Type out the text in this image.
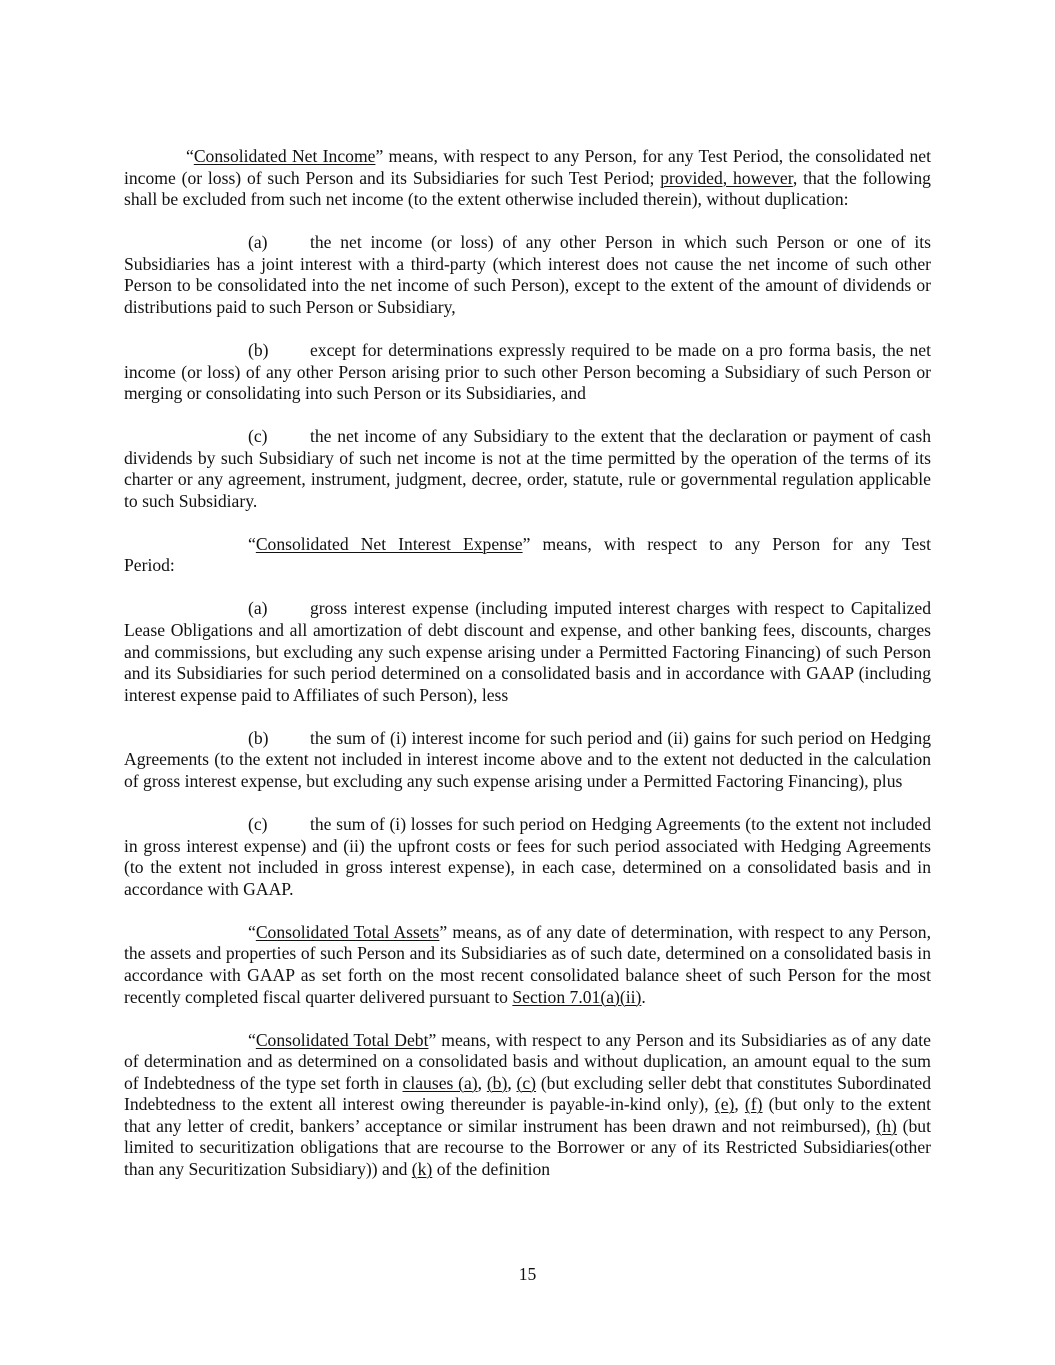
“Consolidated Net Income” means, with respect to any Person, for any Test Period, the consolidated net income (or loss) of such Person and its Subsidiaries for such Test Period; provided, however, that the following shall be excluded from such net income (to the extent otherwise included therein), without duplication:

(a) the net income (or loss) of any other Person in which such Person or one of its Subsidiaries has a joint interest with a third-party (which interest does not cause the net income of such other Person to be consolidated into the net income of such Person), except to the extent of the amount of dividends or distributions paid to such Person or Subsidiary,

(b) except for determinations expressly required to be made on a pro forma basis, the net income (or loss) of any other Person arising prior to such other Person becoming a Subsidiary of such Person or merging or consolidating into such Person or its Subsidiaries, and

(c) the net income of any Subsidiary to the extent that the declaration or payment of cash dividends by such Subsidiary of such net income is not at the time permitted by the operation of the terms of its charter or any agreement, instrument, judgment, decree, order, statute, rule or governmental regulation applicable to such Subsidiary.

“Consolidated Net Interest Expense” means, with respect to any Person for any Test
Period:

(a) gross interest expense (including imputed interest charges with respect to Capitalized Lease Obligations and all amortization of debt discount and expense, and other banking fees, discounts, charges and commissions, but excluding any such expense arising under a Permitted Factoring Financing) of such Person and its Subsidiaries for such period determined on a consolidated basis and in accordance with GAAP (including interest expense paid to Affiliates of such Person), less

(b) the sum of (i) interest income for such period and (ii) gains for such period on Hedging Agreements (to the extent not included in interest income above and to the extent not deducted in the calculation of gross interest expense, but excluding any such expense arising under a Permitted Factoring Financing), plus

(c) the sum of (i) losses for such period on Hedging Agreements (to the extent not included in gross interest expense) and (ii) the upfront costs or fees for such period associated with Hedging Agreements (to the extent not included in gross interest expense), in each case, determined on a consolidated basis and in accordance with GAAP.

“Consolidated Total Assets” means, as of any date of determination, with respect to any Person, the assets and properties of such Person and its Subsidiaries as of such date, determined on a consolidated basis in accordance with GAAP as set forth on the most recent consolidated balance sheet of such Person for the most recently completed fiscal quarter delivered pursuant to Section 7.01(a)(ii).

“Consolidated Total Debt” means, with respect to any Person and its Subsidiaries as of any date of determination and as determined on a consolidated basis and without duplication, an amount equal to the sum of Indebtedness of the type set forth in clauses (a), (b), (c) (but excluding seller debt that constitutes Subordinated Indebtedness to the extent all interest owing thereunder is payable-in-kind only), (e), (f) (but only to the extent that any letter of credit, bankers’ acceptance or similar instrument has been drawn and not reimbursed), (h) (but limited to securitization obligations that are recourse to the Borrower or any of its Restricted Subsidiaries(other than any Securitization Subsidiary)) and (k) of the definition

15
